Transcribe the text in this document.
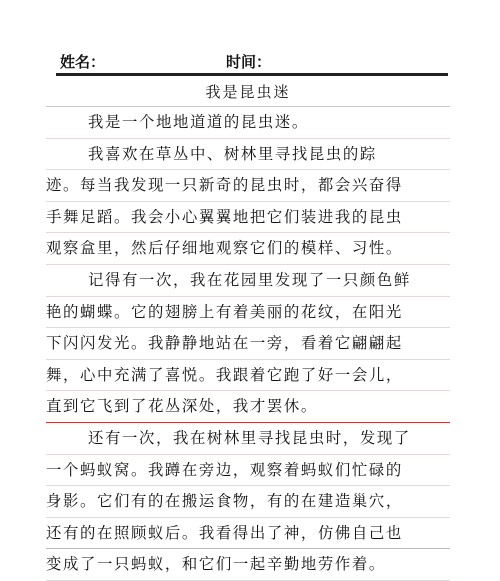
姓名：	时间：
我是昆虫迷
我是一个地地道道的昆虫迷。
我喜欢在草丛中、树林里寻找昆虫的踪
迹。每当我发现一只新奇的昆虫时，都会兴奋得
手舞足蹈。我会小心翼翼地把它们装进我的昆虫
观察盒里，然后仔细地观察它们的模样、习性。
记得有一次，我在花园里发现了一只颜色鲜
艳的蝴蝶。它的翅膀上有着美丽的花纹，在阳光
下闪闪发光。我静静地站在一旁，看着它翩翩起
舞，心中充满了喜悦。我跟着它跑了好一会儿，
直到它飞到了花丛深处，我才罢休。
还有一次，我在树林里寻找昆虫时，发现了
一个蚂蚁窝。我蹲在旁边，观察着蚂蚁们忙碌的
身影。它们有的在搬运食物，有的在建造巢穴，
还有的在照顾蚁后。我看得出了神，仿佛自己也
变成了一只蚂蚁，和它们一起辛勤地劳作着。
